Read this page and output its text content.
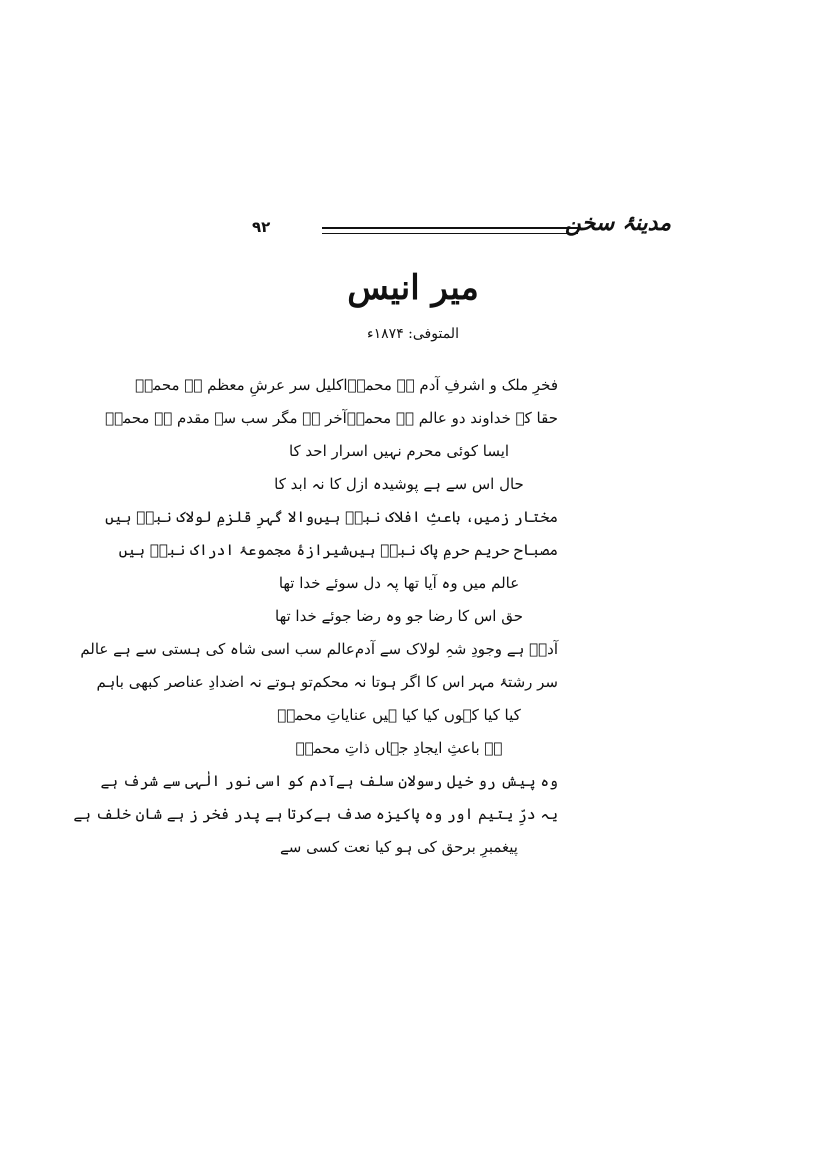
۹۲	مدینۂ سخن
میر انیس
المتوفی: ۱۸۷۴ء
فخرِ ملک و اشرفِ آدم ہے محمدؐ
اکلیل سر عرشِ معظم ہے محمدؐ
حقا کہ خداوند دو عالم ہے محمدؐ
آخر ہے مگر سب سے مقدم ہے محمدؐ
ایسا کوئی محرم نہیں اسرار احد کا
حال اس سے ہے پوشیدہ ازل کا نہ ابد کا
مختار زمیں، باعثِ افلاک نبیؐ ہیں
والا گہرِ قلزمِ لولاک نبیؐ ہیں
مصباح حریم حرمِ پاک نبیؐ ہیں
شیرازۂ مجموعۂ ادراک نبیؐ ہیں
عالم میں وہ آیا تھا پہ دل سوئے خدا تھا
حق اس کا رضا جو وہ رضا جوئے خدا تھا
آدمؑ ہے وجودِ شہِ لولاک سے آدم
عالم سب اسی شاہ کی ہستی سے ہے عالم
سر رشتۂ مہر اس کا اگر ہوتا نہ محکم
تو ہوتے نہ اضدادِ عناصر کبھی باہم
کیا کیا کہوں کیا کیا ہیں عنایاتِ محمدؐ
ہے باعثِ ایجادِ جہاں ذاتِ محمدؐ
وہ پیش رو خیل رسولانِ سلف ہے
آدم کو اسی نور الٰہی سے شرف ہے
یہ درِّ یتیم اور وہ پاکیزہ صدف ہے
کرتا ہے پدر فخر ز ہے شانِ خلف ہے
پیغمبرِ برحق کی ہو کیا نعت کسی سے
